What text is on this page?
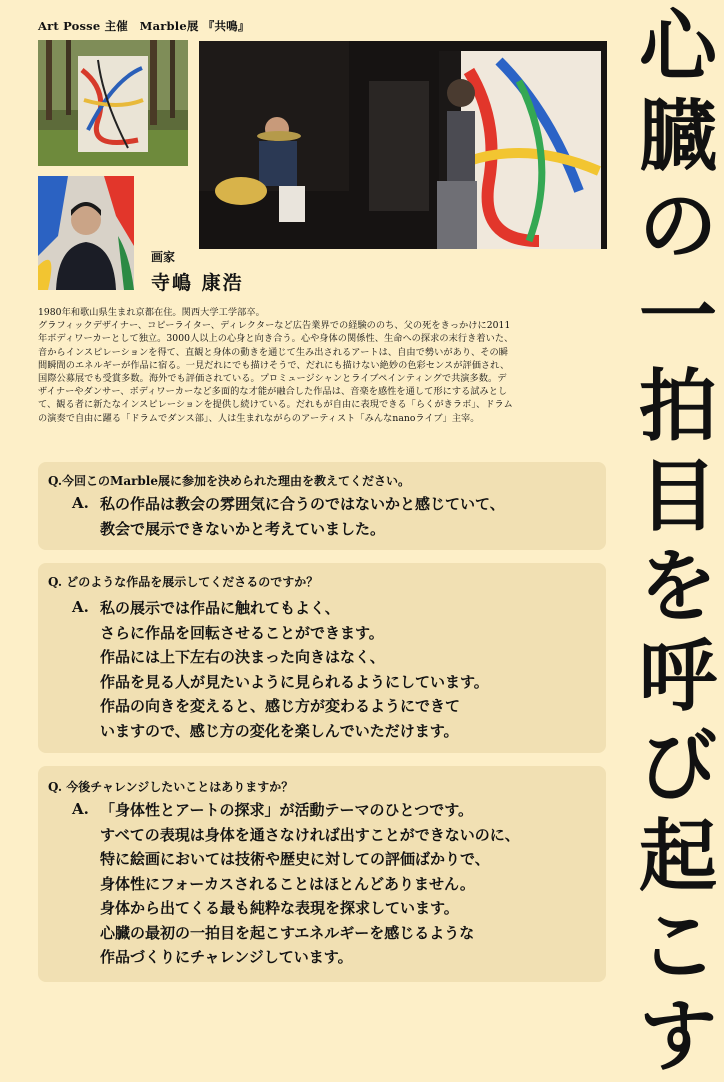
Art Posse 主催　Marble展 『共鳴』
画家
寺嶋 康浩

1980年和歌山県生まれ京都在住。関西大学工学部卒。

グラフィックデザイナー、コピーライター、ディレクターなど広告業界での経験ののち、父の死をきっかけに2011

年ボディワーカーとして独立。3000人以上の心身と向き合う。心や身体の関係性、生命への探求の末行き着いた、

音からインスピレーションを得て、直観と身体の動きを通じて生み出されるアートは、自由で勢いがあり、その瞬

間瞬間のエネルギーが作品に宿る。一見だれにでも描けそうで、だれにも描けない絶妙の色彩センスが評価され、

国際公募展でも受賞多数。海外でも評価されている。プロミュージシャンとライブペインティングで共演多数。デ

ザイナーやダンサー、ボディワーカーなど多面的な才能が融合した作品は、音楽を感性を通して形にする試みとし

て、観る者に新たなインスピレーションを提供し続けている。だれもが自由に表現できる「らくがきラボ」、ドラム

の演奏で自由に躍る「ドラムでダンス部」、人は生まれながらのアーティスト「みんなnanoライブ」主宰。

Q.今回このMarble展に参加を決められた理由を教えてください。
A. 私の作品は教会の雰囲気に合うのではないかと感じていて、

教会で展示できないかと考えていました。

Q. どのような作品を展示してくださるのですか？
A. 私の展示では作品に触れてもよく、

さらに作品を回転させることができます。

作品には上下左右の決まった向きはなく、

作品を見る人が見たいように見られるようにしています。

作品の向きを変えると、感じ方が変わるようにできて

いますので、感じ方の変化を楽しんでいただけます。

Q. 今後チャレンジしたいことはありますか？
A. 「身体性とアートの探求」が活動テーマのひとつです。

すべての表現は身体を通さなければ出すことができないのに、

特に絵画においては技術や歴史に対しての評価ばかりで、

身体性にフォーカスされることはほとんどありません。

身体から出てくる最も純粋な表現を探求しています。

心臓の最初の一拍目を起こすエネルギーを感じるような

作品づくりにチャレンジしています。

心
臓
の
一
拍
目
を
呼
び
起
こ
す
